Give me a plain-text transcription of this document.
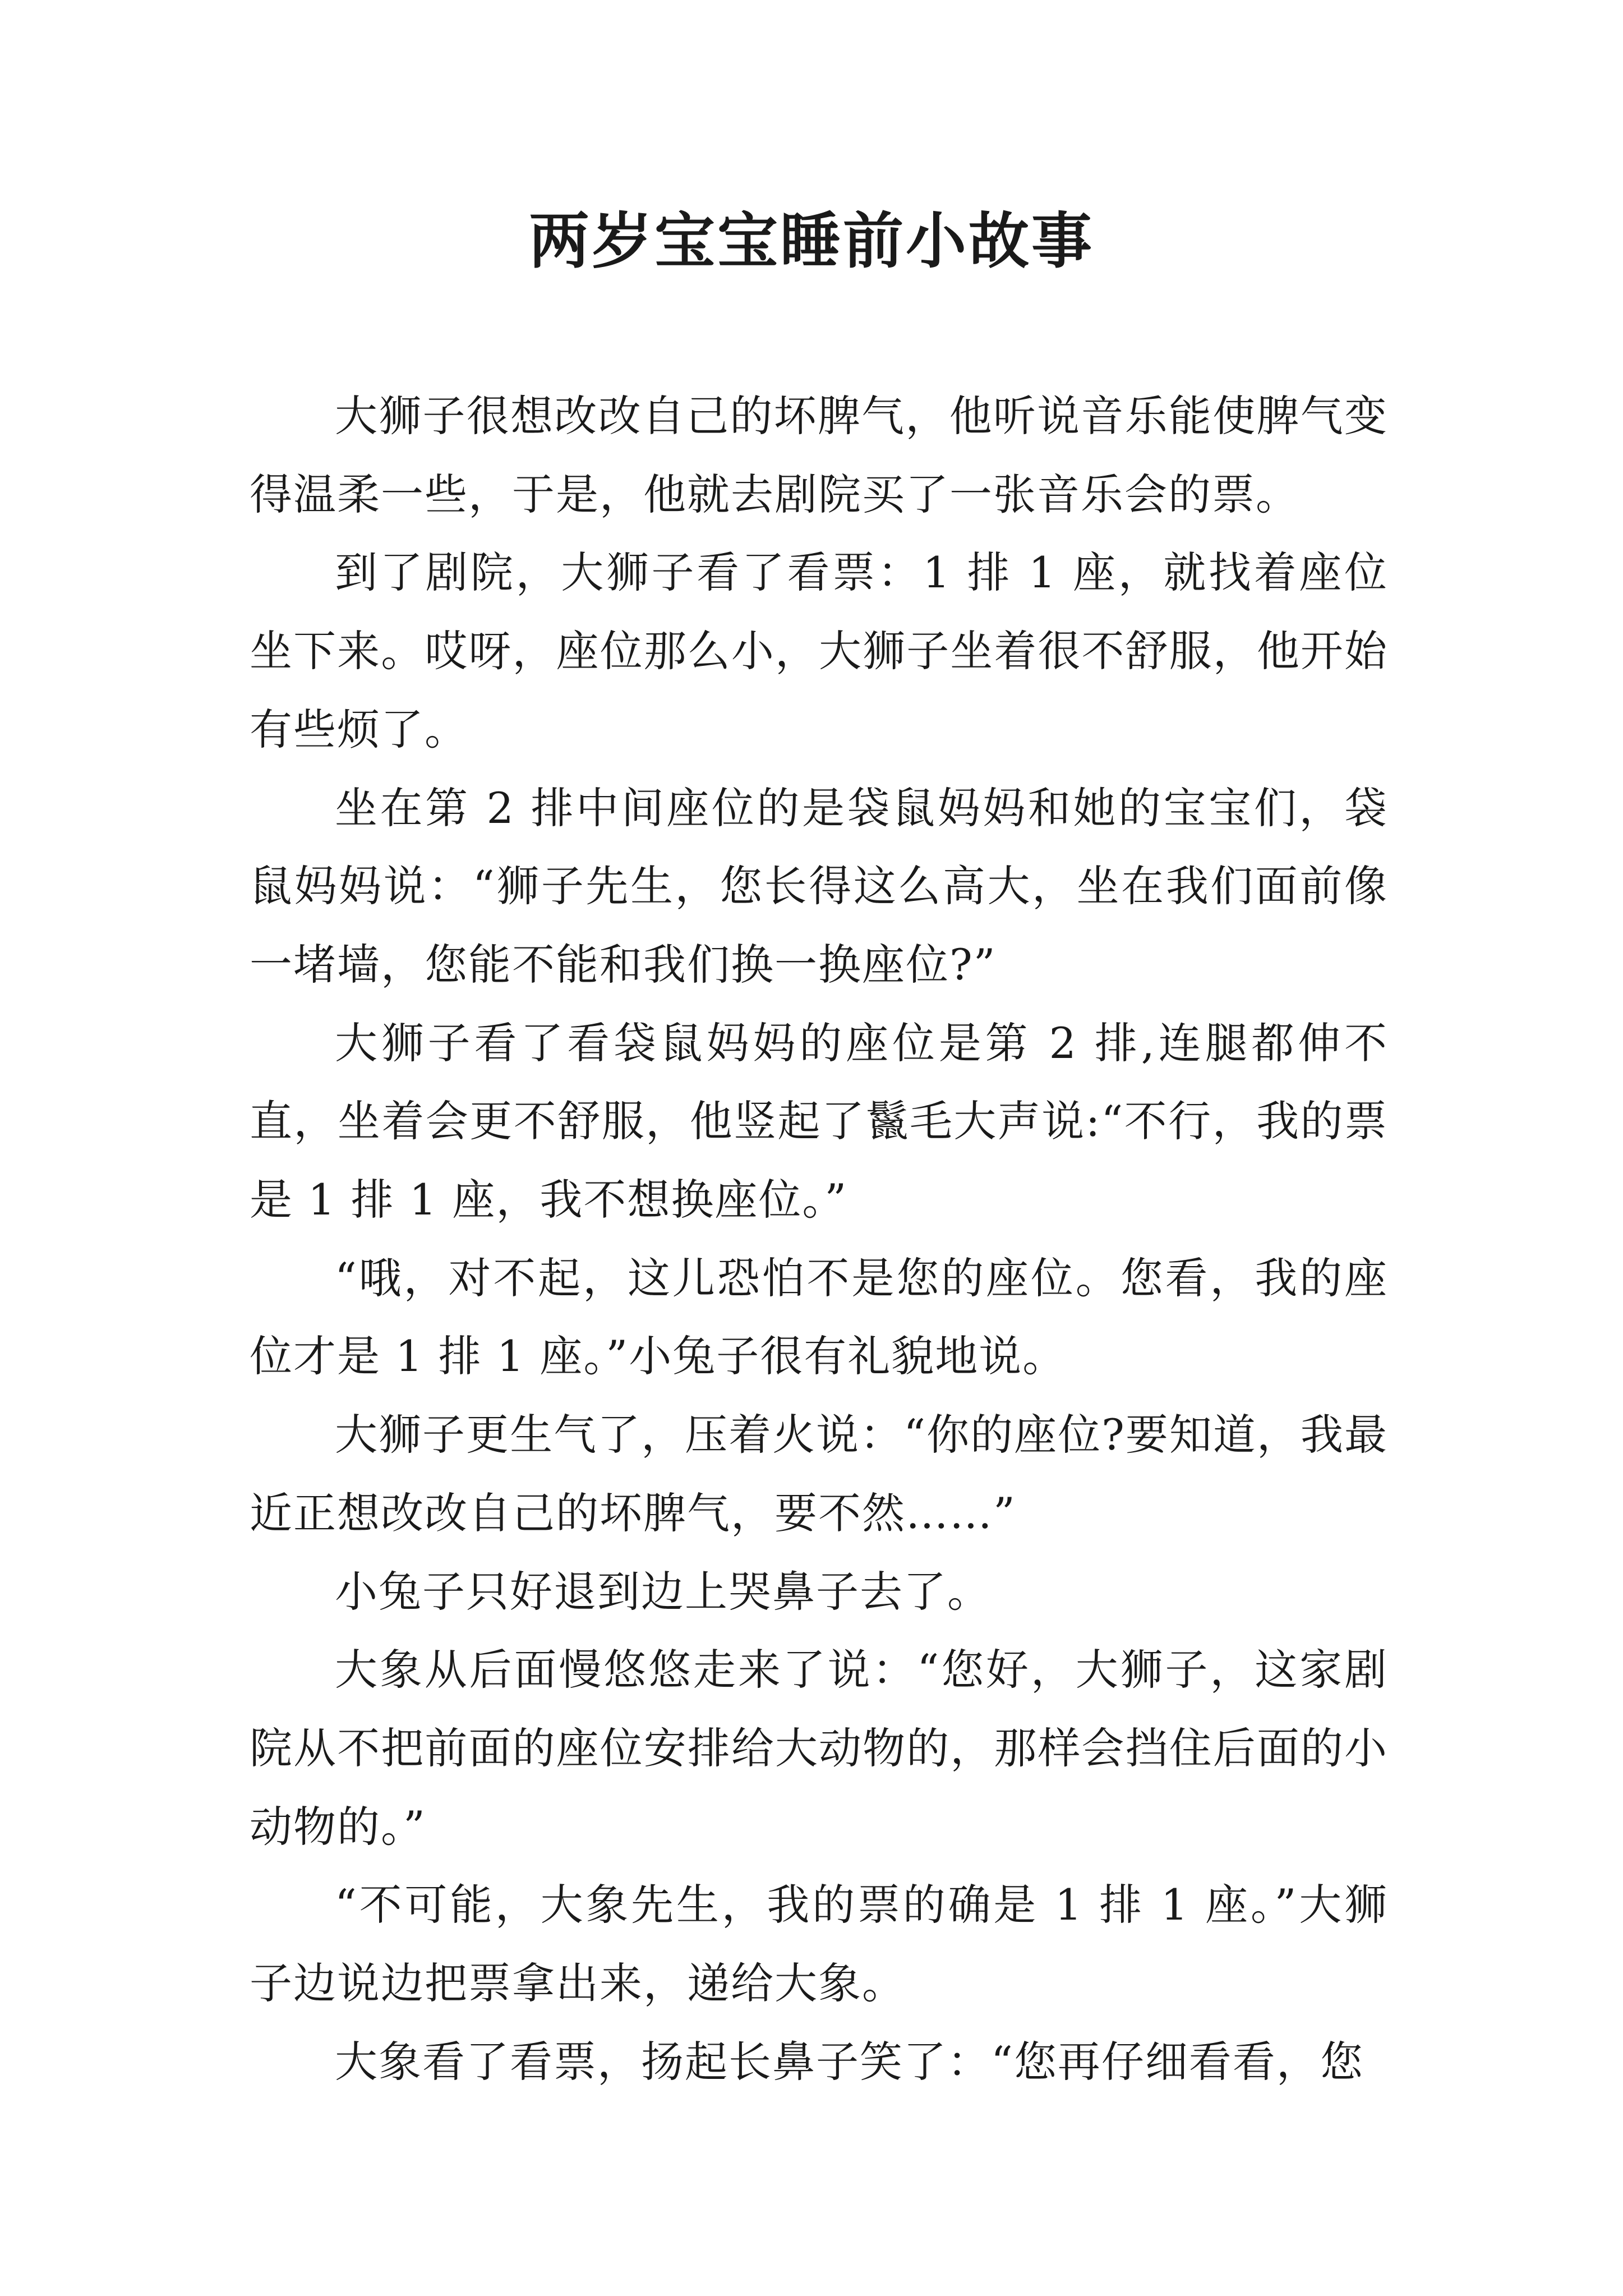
两岁宝宝睡前小故事

大狮子很想改改自己的坏脾气，他听说音乐能使脾气变得温柔一些，于是，他就去剧院买了一张音乐会的票。

到了剧院，大狮子看了看票：1 排 1 座，就找着座位坐下来。哎呀，座位那么小，大狮子坐着很不舒服，他开始有些烦了。

坐在第 2 排中间座位的是袋鼠妈妈和她的宝宝们，袋鼠妈妈说：“狮子先生，您长得这么高大，坐在我们面前像一堵墙，您能不能和我们换一换座位?”

大狮子看了看袋鼠妈妈的座位是第 2 排,连腿都伸不直，坐着会更不舒服，他竖起了鬣毛大声说:“不行，我的票是 1 排 1 座，我不想换座位。”

“哦，对不起，这儿恐怕不是您的座位。您看，我的座位才是 1 排 1 座。”小兔子很有礼貌地说。

大狮子更生气了，压着火说：“你的座位?要知道，我最近正想改改自己的坏脾气，要不然……”

小兔子只好退到边上哭鼻子去了。

大象从后面慢悠悠走来了说：“您好，大狮子，这家剧院从不把前面的座位安排给大动物的，那样会挡住后面的小动物的。”

“不可能，大象先生，我的票的确是 1 排 1 座。”大狮子边说边把票拿出来，递给大象。

大象看了看票，扬起长鼻子笑了：“您再仔细看看，您
